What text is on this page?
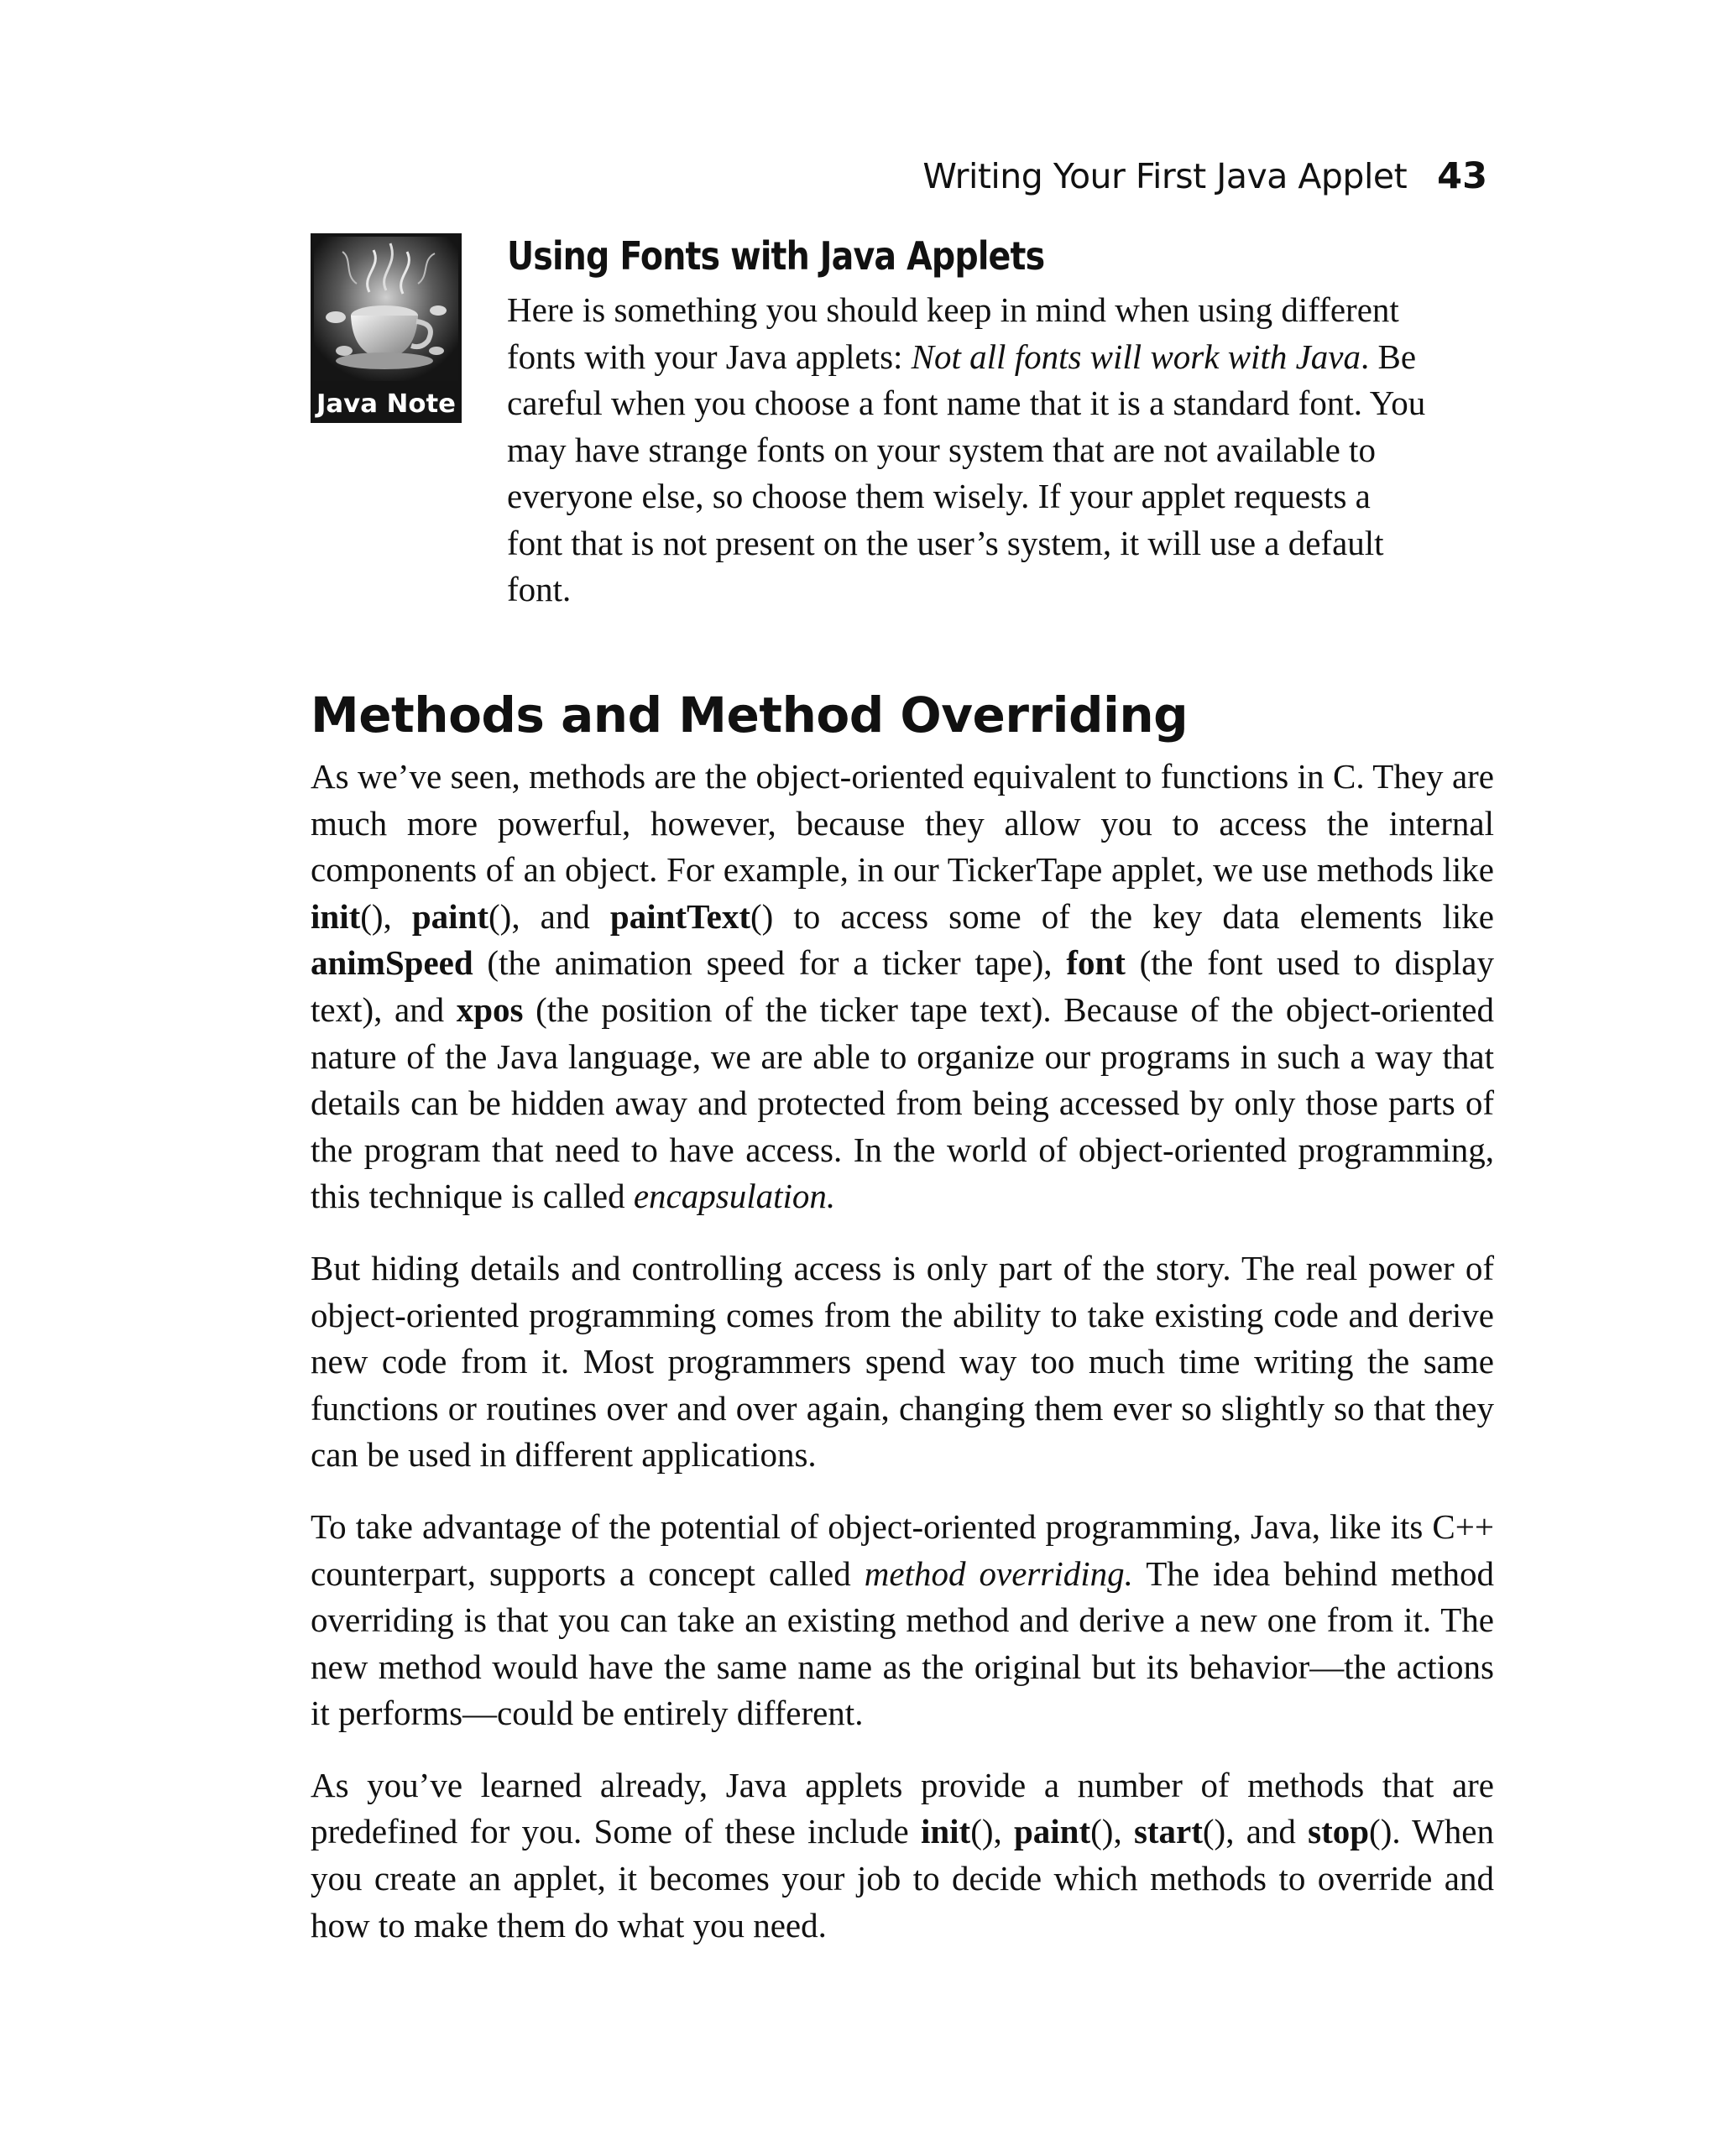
Writing Your First Java Applet 43
Java Note
Using Fonts with Java Applets

Here is something you should keep in mind when using different fonts with your Java applets: Not all fonts will work with Java. Be careful when you choose a font name that it is a standard font. You may have strange fonts on your system that are not available to everyone else, so choose them wisely. If your applet requests a font that is not present on the user’s system, it will use a default font.

Methods and Method Overriding

As we’ve seen, methods are the object-oriented equivalent to functions in C. They are much more powerful, however, because they allow you to access the internal components of an object. For example, in our TickerTape applet, we use methods like init(), paint(), and paintText() to access some of the key data elements like animSpeed (the animation speed for a ticker tape), font (the font used to display text), and xpos (the position of the ticker tape text). Because of the object-oriented nature of the Java language, we are able to organize our programs in such a way that details can be hidden away and protected from being accessed by only those parts of the program that need to have access. In the world of object-oriented programming, this technique is called encapsulation.

But hiding details and controlling access is only part of the story. The real power of object-oriented programming comes from the ability to take existing code and derive new code from it. Most programmers spend way too much time writing the same functions or routines over and over again, changing them ever so slightly so that they can be used in different applications.

To take advantage of the potential of object-oriented programming, Java, like its C++ counterpart, supports a concept called method overriding. The idea behind method overriding is that you can take an existing method and derive a new one from it. The new method would have the same name as the original but its behavior—the actions it performs—could be entirely different.

As you’ve learned already, Java applets provide a number of methods that are predefined for you. Some of these include init(), paint(), start(), and stop(). When you create an applet, it becomes your job to decide which methods to override and how to make them do what you need.
